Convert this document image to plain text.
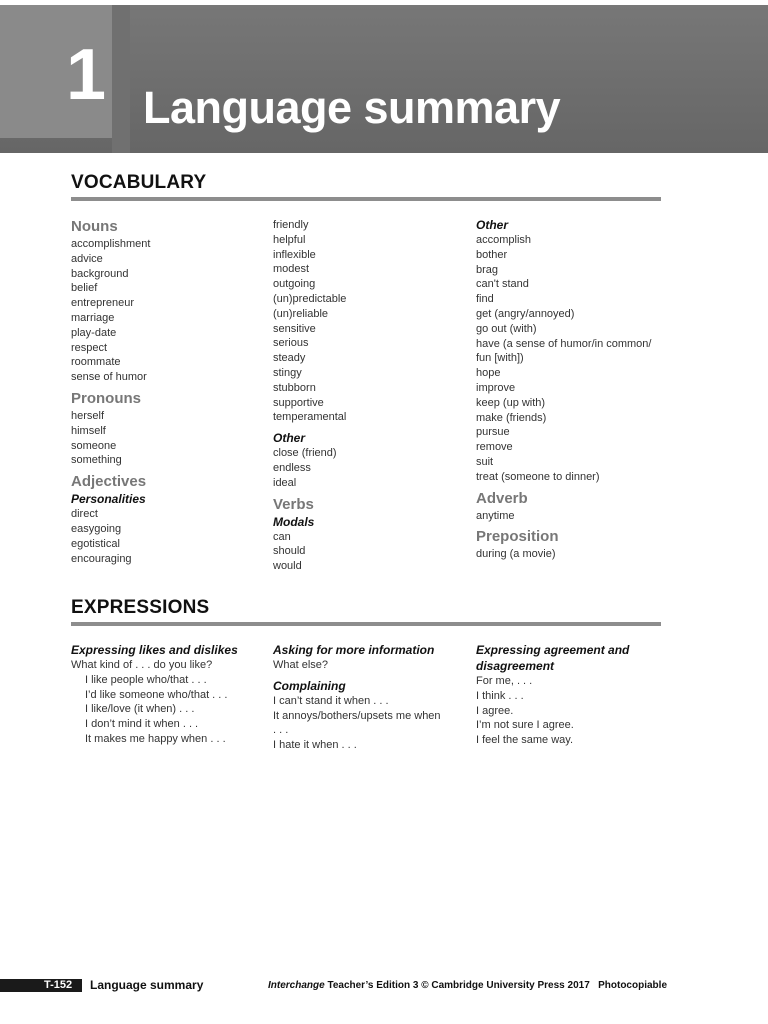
1 Language summary
VOCABULARY
Nouns
accomplishment
advice
background
belief
entrepreneur
marriage
play-date
respect
roommate
sense of humor
Pronouns
herself
himself
someone
something
Adjectives
Personalities
direct
easygoing
egotistical
encouraging
friendly
helpful
inflexible
modest
outgoing
(un)predictable
(un)reliable
sensitive
serious
steady
stingy
stubborn
supportive
temperamental
Other
close (friend)
endless
ideal
Verbs
Modals
can
should
would
Other
accomplish
bother
brag
can't stand
find
get (angry/annoyed)
go out (with)
have (a sense of humor/in common/
fun [with])
hope
improve
keep (up with)
make (friends)
pursue
remove
suit
treat (someone to dinner)
Adverb
anytime
Preposition
during (a movie)
EXPRESSIONS
Expressing likes and dislikes
What kind of . . . do you like?
I like people who/that . . .
I’d like someone who/that . . .
I like/love (it when) . . .
I don’t mind it when . . .
It makes me happy when . . .
Asking for more information
What else?
Complaining
I can’t stand it when . . .
It annoys/bothers/upsets me when
. . .
I hate it when . . .
Expressing agreement and
disagreement
For me, . . .
I think . . .
I agree.
I’m not sure I agree.
I feel the same way.
T-152 Language summary	Interchange Teacher’s Edition 3 © Cambridge University Press 2017 Photocopiable
